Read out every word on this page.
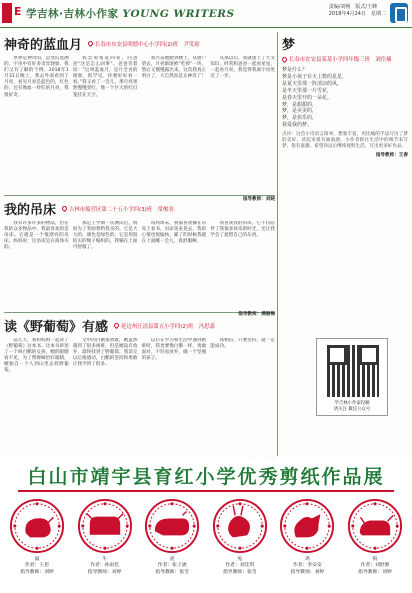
E 学吉林·吉林小作家 YOUNG WRITERS
责编/刘畅　版式/王峰
2018年4月24日　星期二
神奇的蓝血月 长春市东安县明德中心小学四(2)班　尹笑琼

世界是神奇的，是变幻莫测的。宇宙中有好多奇异现象，我们又有了解的个例。2018年1月31日晚上，我去外面看到了月亮，看见月亮是蓝色的，红色的，还有像血一样红的月亮，我很好奇。

我急匆匆赶回家，问爸爸“这是怎么回事”。爸爸笑着说：“这叫蓝血月，是月全食的现象，很罕见，你要好好看一看。”我又看了一会儿，那月亮果然慢慢变红，像一个巨大的红灯笼挂在天空。

我兴奋地跑到楼上，从窗户望去，月亮渐渐被“吃掉”一块，然后又慢慢露出来。这次我真正明白了，大自然真是太神奇了！

从那以后，我就迷上了天文知识，经常和爸爸一起看星星，一起看月亮，我觉得我离宇宙更近了一步。

指导教师：刘晓
我的吊床 吉林市船营区第二十五小学四(3)班　常俊羽

我有许多许多的物品，但在我的众多物品中，我最喜欢的是吊床。它就是一个很漂亮的吊床。妈妈说：这吊床是在商场买的。

那是上学期一次测试后，妈妈为了奖励我给我买的。它是大大的，颜色是绿色的，它是用很结实的绳子编织的，我躺在上面可舒服了。

每到周末，我都喜欢躺在吊床上看书。吊床晃来晃去，我的心情也很愉快。累了的时候我就在上面睡一会儿，真舒服啊。

我喜欢我的吊床，它不仅陪伴了我很多快乐的时光，还让我学会了爱惜自己的东西。

指导教师：满丽梅
读《野葡萄》有感 延边州汪清县第五小学四(2)班　冯思嘉

前几天，我和妈妈一起读了《野葡萄》这本书。这本书讲述了一个叫白鹅的女孩，她的眼睛看不见，为了帮婶婶治好眼睛，她独自一个人到山里去找野葡萄。

文中的白鹅很勇敢，她虽然遇到了很多困难，但是她没有放弃，最终找到了野葡萄。我读完以后很感动，白鹅的坚持和勇敢让我学到了很多。

以后在学习和生活中遇到困难时，我也要像白鹅一样，勇敢面对，不轻易放弃，做一个坚强的孩子。

我相信，只要坚持，就一定能成功。

梦
长春市农安县某某小学四年级三班　刘佳楠
梦是什么？
梦是小孩子在天上数的星星，
是夏天里那一阵清凉的风，
是冬天里那一片雪花，
是春天里开的一朵花。
梦，是甜甜的，
梦，是美美的，
梦，是快乐的，
我爱我的梦。
点评：这首小诗语言简单，想象丰富，用比喻的手法写出了梦的美好，读起来很有画面感。小作者抓住生活中的细节来写梦，很有童趣。希望你以后继续观察生活，写出更多好作品。
指导教师：王春
学吉林小作家投稿
请关注 微信公众号
白山市靖宇县育红小学优秀剪纸作品展
鼠
作者：王思
指导教师：刘婷
牛
作者：孙雨佳
指导教师：刘婷
虎
作者：张子涵
指导教师：张雪
兔
作者：刘佳琪
指导教师：张雪
鸡
作者：李安安
指导教师：刘婷
狗
作者：刘舒源
指导教师：刘婷
